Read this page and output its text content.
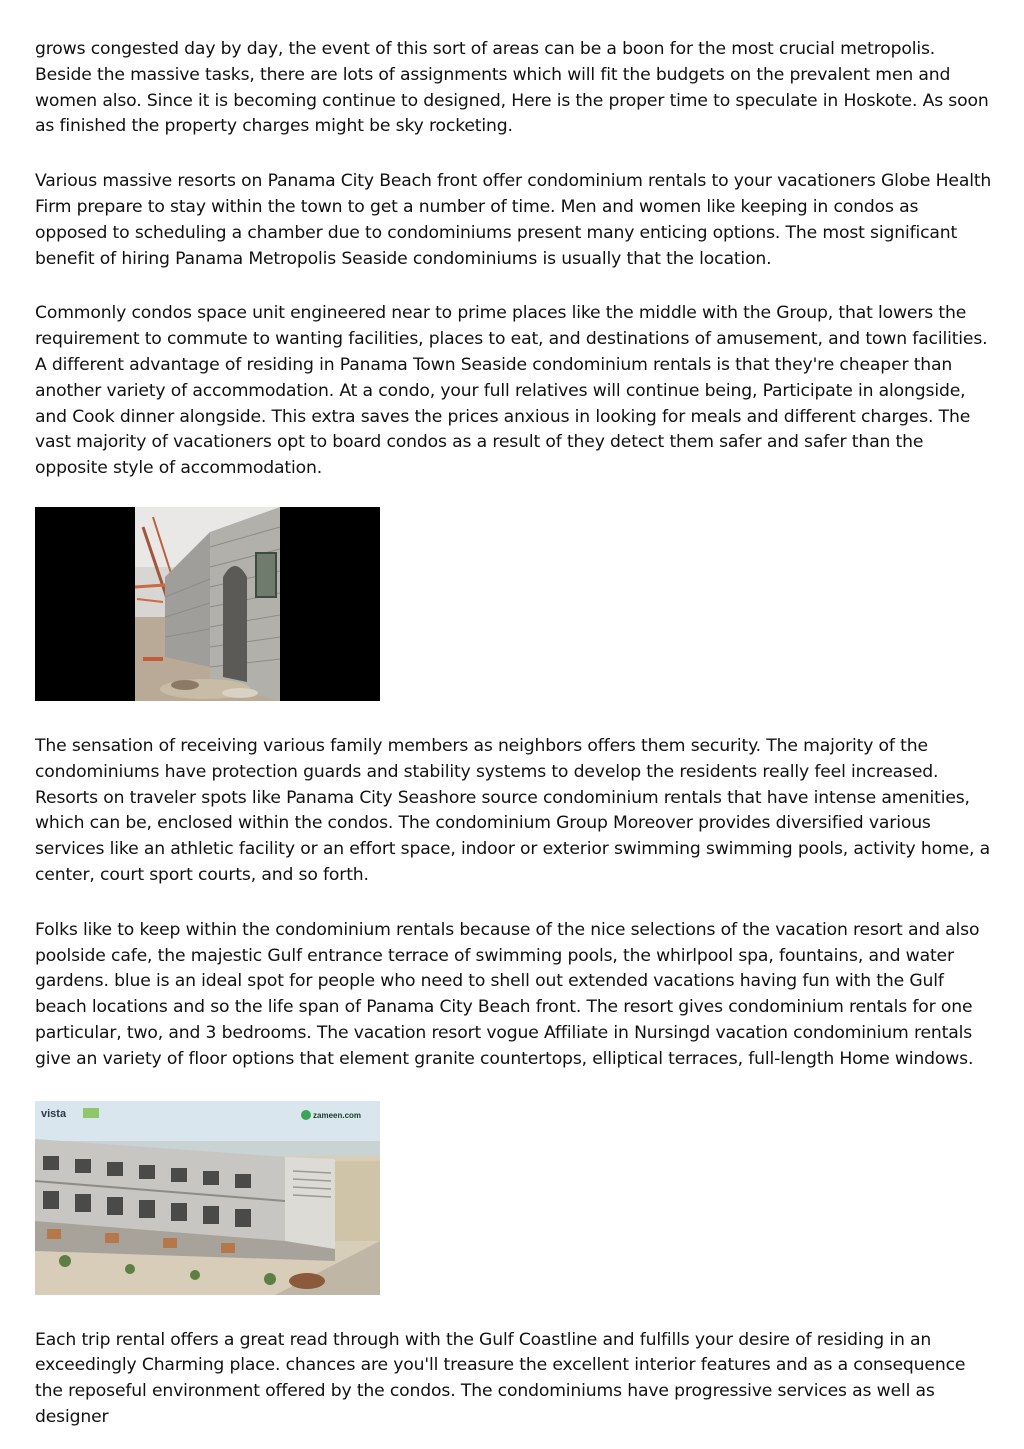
grows congested day by day, the event of this sort of areas can be a boon for the most crucial metropolis. Beside the massive tasks, there are lots of assignments which will fit the budgets on the prevalent men and women also. Since it is becoming continue to designed, Here is the proper time to speculate in Hoskote. As soon as finished the property charges might be sky rocketing.

Various massive resorts on Panama City Beach front offer condominium rentals to your vacationers Globe Health Firm prepare to stay within the town to get a number of time. Men and women like keeping in condos as opposed to scheduling a chamber due to condominiums present many enticing options. The most significant benefit of hiring Panama Metropolis Seaside condominiums is usually that the location.

Commonly condos space unit engineered near to prime places like the middle with the Group, that lowers the requirement to commute to wanting facilities, places to eat, and destinations of amusement, and town facilities. A different advantage of residing in Panama Town Seaside condominium rentals is that they're cheaper than another variety of accommodation. At a condo, your full relatives will continue being, Participate in alongside, and Cook dinner alongside. This extra saves the prices anxious in looking for meals and different charges. The vast majority of vacationers opt to board condos as a result of they detect them safer and safer than the opposite style of accommodation.

The sensation of receiving various family members as neighbors offers them security. The majority of the condominiums have protection guards and stability systems to develop the residents really feel increased. Resorts on traveler spots like Panama City Seashore source condominium rentals that have intense amenities, which can be, enclosed within the condos. The condominium Group Moreover provides diversified various services like an athletic facility or an effort space, indoor or exterior swimming swimming pools, activity home, a center, court sport courts, and so forth.

Folks like to keep within the condominium rentals because of the nice selections of the vacation resort and also poolside cafe, the majestic Gulf entrance terrace of swimming pools, the whirlpool spa, fountains, and water gardens. blue is an ideal spot for people who need to shell out extended vacations having fun with the Gulf beach locations and so the life span of Panama City Beach front. The resort gives condominium rentals for one particular, two, and 3 bedrooms. The vacation resort vogue Affiliate in Nursingd vacation condominium rentals give an variety of floor options that element granite countertops, elliptical terraces, full-length Home windows.

vista	zameen.com

Each trip rental offers a great read through with the Gulf Coastline and fulfills your desire of residing in an exceedingly Charming place. chances are you'll treasure the excellent interior features and as a consequence the reposeful environment offered by the condos. The condominiums have progressive services as well as designer
